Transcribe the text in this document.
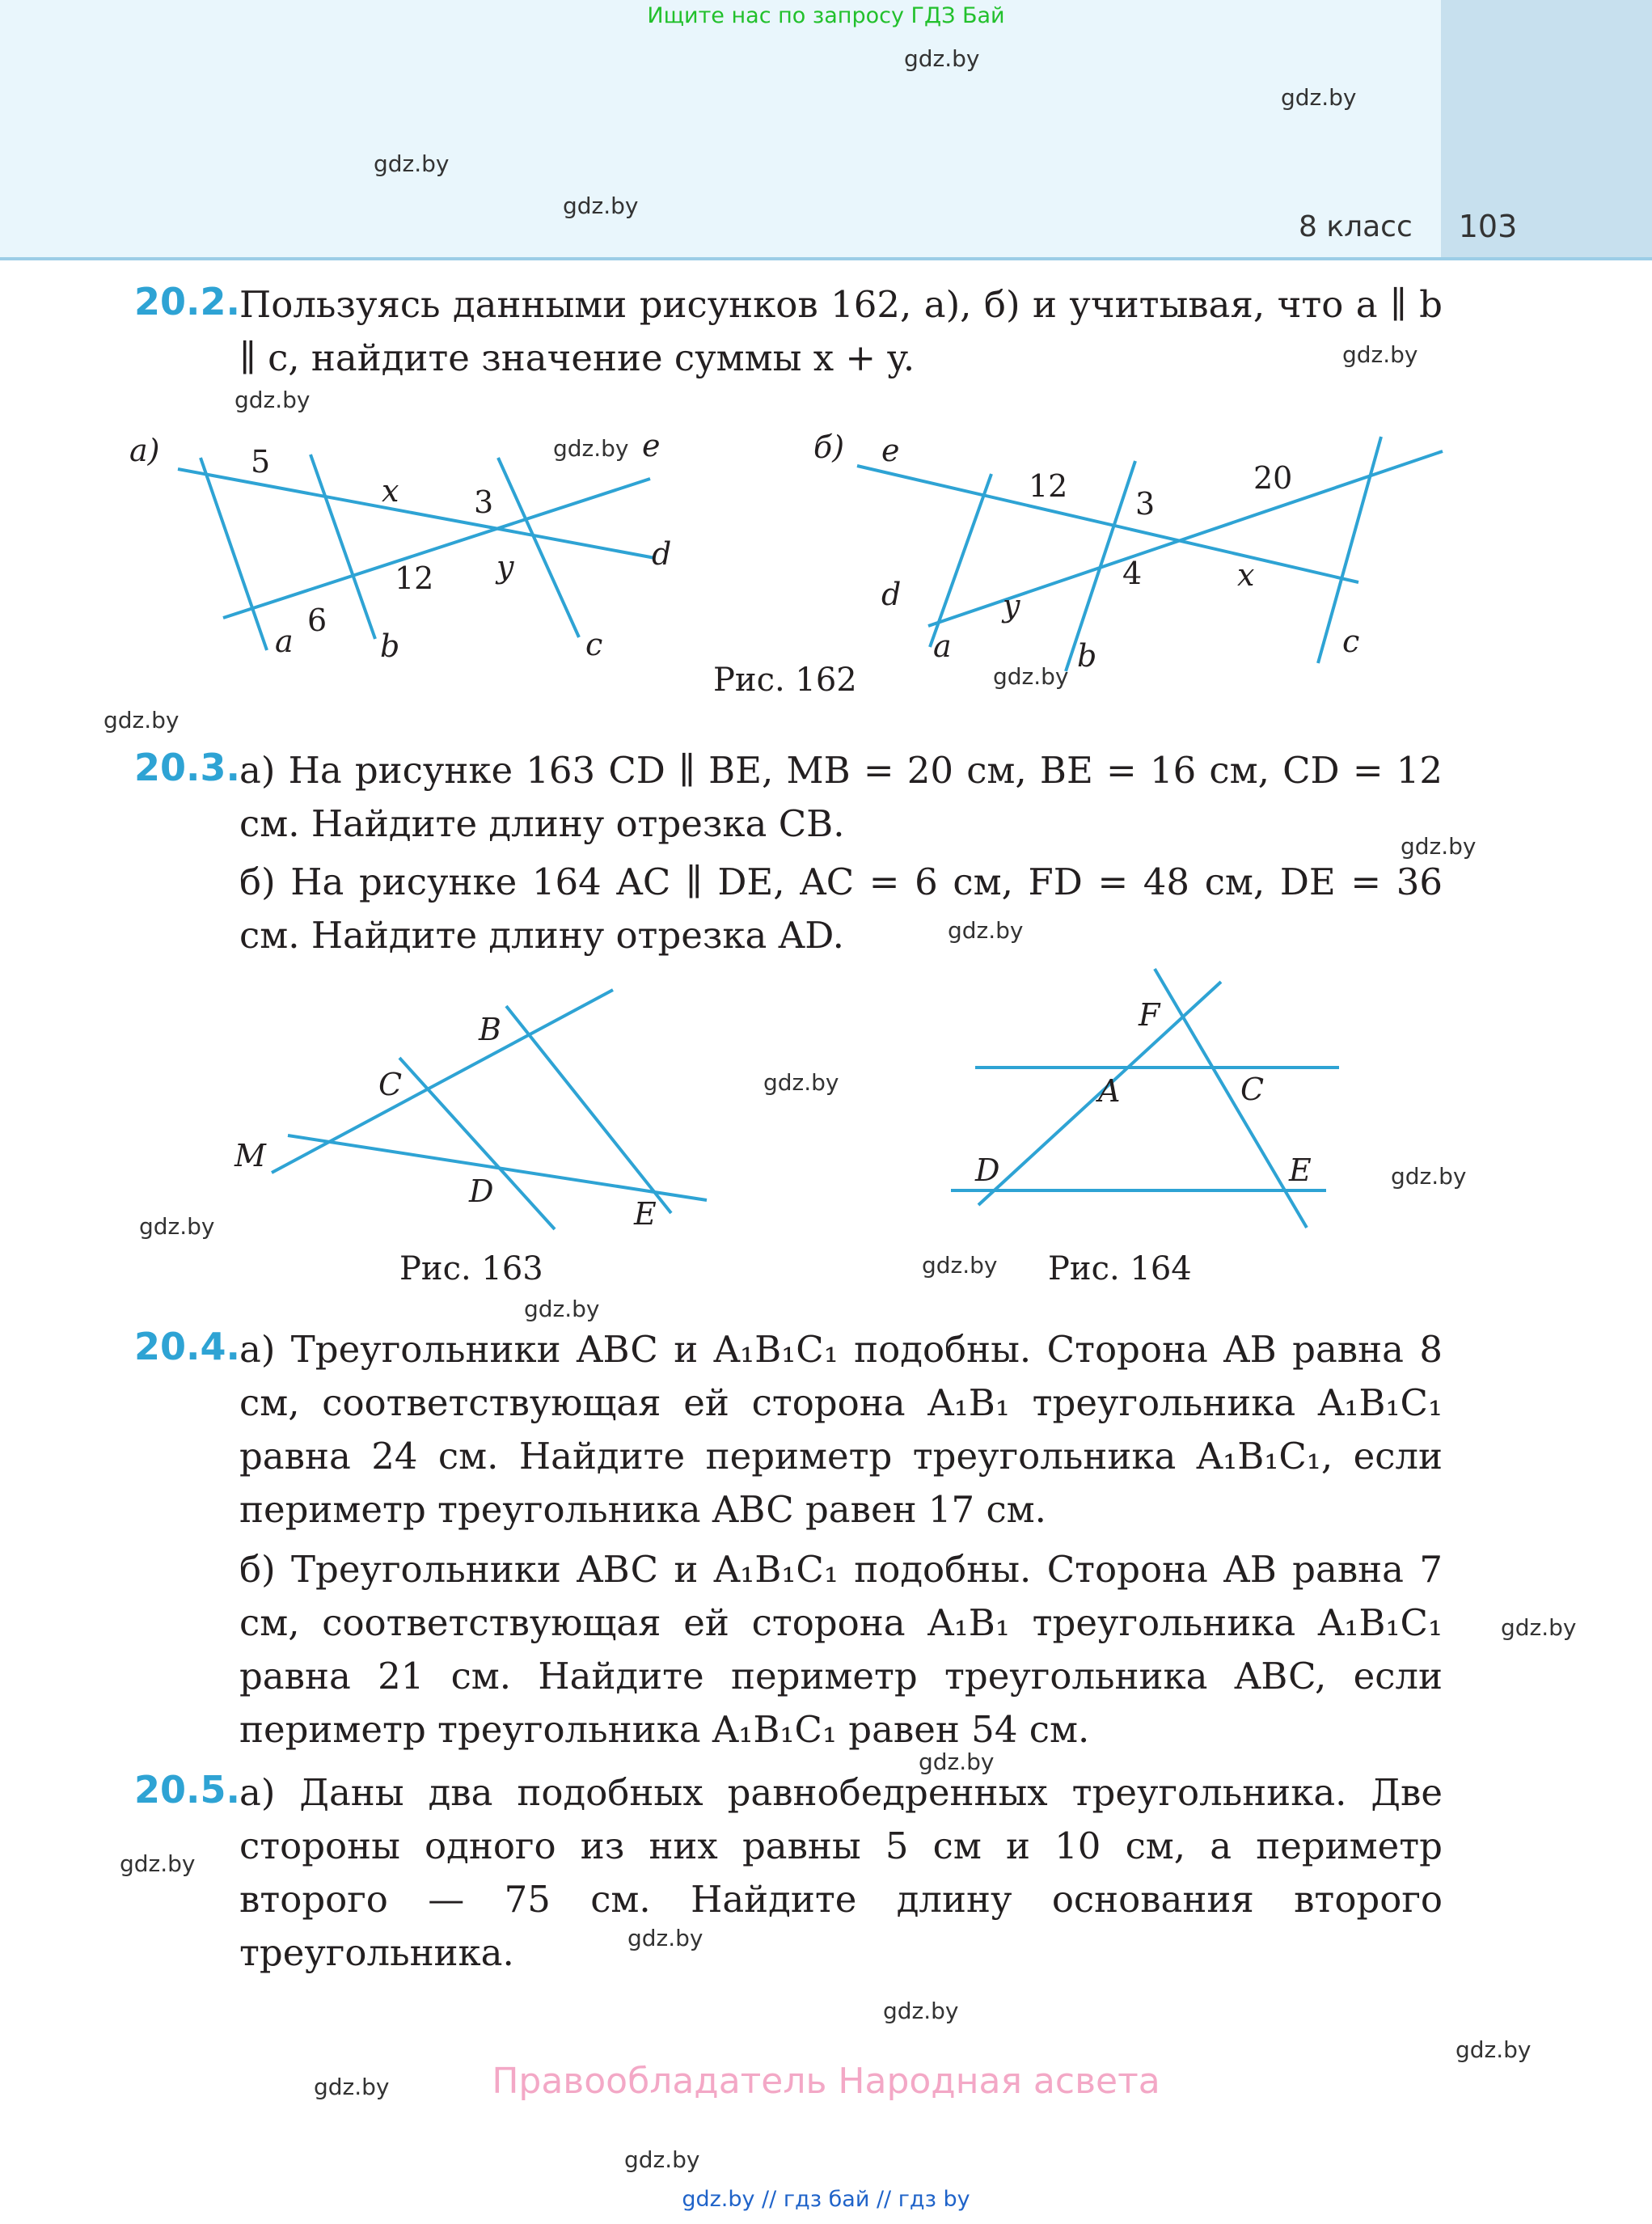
Ищите нас по запросу ГДЗ Бай
8 класс	103
gdz.by
gdz.by
gdz.by
gdz.by
gdz.by
gdz.by
gdz.by
gdz.by
gdz.by
gdz.by
gdz.by
gdz.by
gdz.by
gdz.by
gdz.by
gdz.by
gdz.by
gdz.by
gdz.by
gdz.by
gdz.by
gdz.by
gdz.by
gdz.by
20.2. Пользуясь данными рисунков 162, а), б) и учитывая, что a ∥ b ∥ c, найдите значение суммы x + y.
а)	5
x 3
12 y
6
e
d
a	b	c
б) e
12 3
20
4	x
y
d
a	b	c
B
C
M
D
E
F
A	C
D	E
Рис. 162
Рис. 163	Рис. 164
20.3. а) На рисунке 163 CD ∥ BE, MB = 20 см, BE = 16 см, CD = 12 см. Найдите длину отрезка CB.
б) На рисунке 164 AC ∥ DE, AC = 6 см, FD = 48 см, DE = 36 см. Найдите длину отрезка AD.
20.4. а) Треугольники ABC и A₁B₁C₁ подобны. Сторона AB равна 8 см, соответствующая ей сторона A₁B₁ треугольника A₁B₁C₁ равна 24 см. Найдите периметр треугольника A₁B₁C₁, если периметр треугольника ABC равен 17 см.
б) Треугольники ABC и A₁B₁C₁ подобны. Сторона AB равна 7 см, соответствующая ей сторона A₁B₁ треугольника A₁B₁C₁ равна 21 см. Найдите периметр треугольника ABC, если периметр треугольника A₁B₁C₁ равен 54 см.
20.5. а) Даны два подобных равнобедренных треугольника. Две стороны одного из них равны 5 см и 10 см, а периметр второго — 75 см. Найдите длину основания второго треугольника.
Правообладатель Народная асвета
gdz.by // гдз бай // гдз by
